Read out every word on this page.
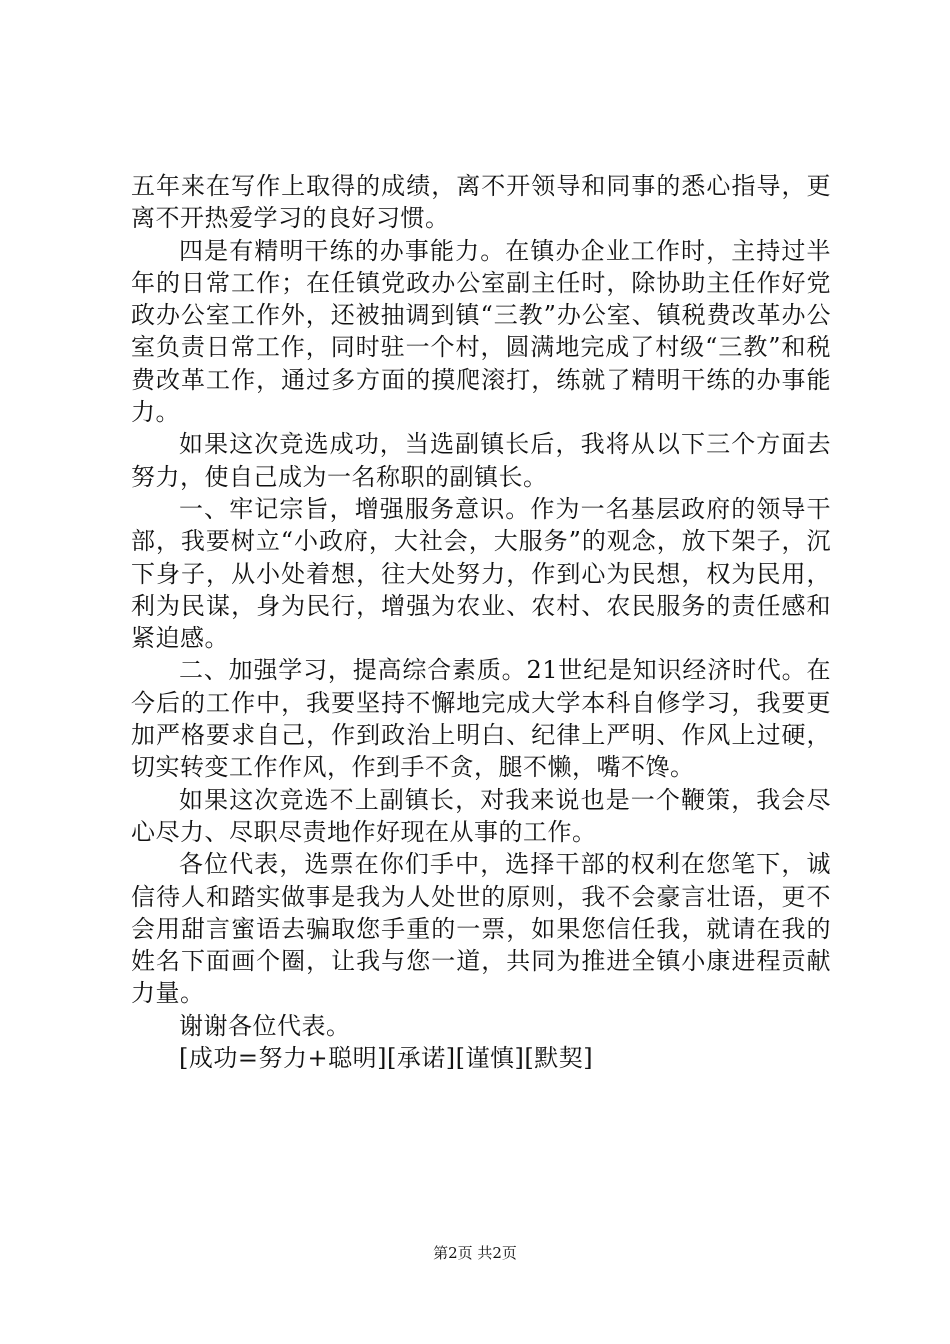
五年来在写作上取得的成绩，离不开领导和同事的悉心指导，更离不开热爱学习的良好习惯。

四是有精明干练的办事能力。在镇办企业工作时，主持过半年的日常工作；在任镇党政办公室副主任时，除协助主任作好党政办公室工作外，还被抽调到镇“三教”办公室、镇税费改革办公室负责日常工作，同时驻一个村，圆满地完成了村级“三教”和税费改革工作，通过多方面的摸爬滚打，练就了精明干练的办事能力。

如果这次竞选成功，当选副镇长后，我将从以下三个方面去努力，使自己成为一名称职的副镇长。

一、牢记宗旨，增强服务意识。作为一名基层政府的领导干部，我要树立“小政府，大社会，大服务”的观念，放下架子，沉下身子，从小处着想，往大处努力，作到心为民想，权为民用，利为民谋，身为民行，增强为农业、农村、农民服务的责任感和紧迫感。

二、加强学习，提高综合素质。21世纪是知识经济时代。在今后的工作中，我要坚持不懈地完成大学本科自修学习，我要更加严格要求自己，作到政治上明白、纪律上严明、作风上过硬，切实转变工作作风，作到手不贪，腿不懒，嘴不馋。

如果这次竞选不上副镇长，对我来说也是一个鞭策，我会尽心尽力、尽职尽责地作好现在从事的工作。

各位代表，选票在你们手中，选择干部的权利在您笔下，诚信待人和踏实做事是我为人处世的原则，我不会豪言壮语，更不会用甜言蜜语去骗取您手重的一票，如果您信任我，就请在我的姓名下面画个圈，让我与您一道，共同为推进全镇小康进程贡献力量。

谢谢各位代表。

[成功=努力+聪明][承诺][谨慎][默契]

第2页 共2页
